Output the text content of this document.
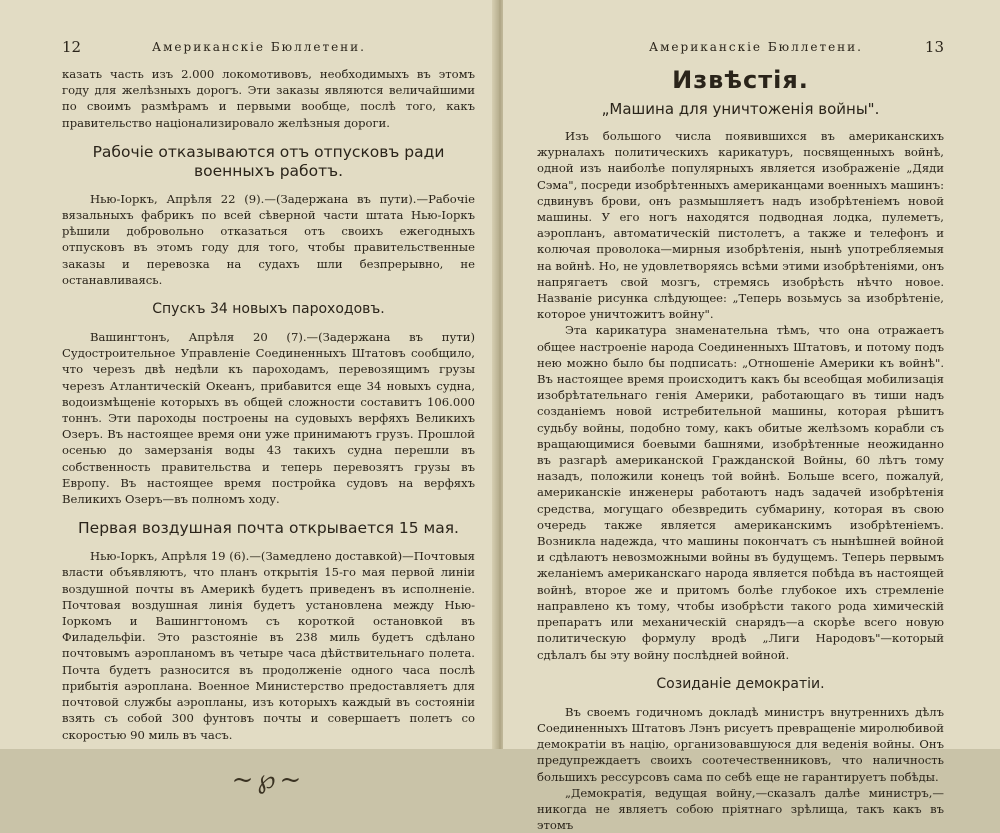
12	Американскiе Бюллетени.

казать часть изъ 2.000 локомотивовъ, необходимыхъ въ этомъ году для желѣзныхъ дорогъ. Эти заказы являются величайшими по своимъ размѣрамъ и первыми вообще, послѣ того, какъ правительство нацiонализировало желѣзныя дороги.

Рабочiе отказываются отъ отпусковъ ради военныхъ работъ.

Нью-Iоркъ, Апрѣля 22 (9).—(Задержана въ пути).—Рабочiе вязальныхъ фабрикъ по всей сѣверной части штата Нью-Iоркъ рѣшили добровольно отказаться отъ своихъ ежегодныхъ отпусковъ въ этомъ году для того, чтобы правительственные заказы и перевозка на судахъ шли безпрерывно, не останавливаясь.

Спускъ 34 новыхъ пароходовъ.

Вашингтонъ, Апрѣля 20 (7).—(Задержана въ пути) Судостроительное Управленiе Соединенныхъ Штатовъ сообщило, что черезъ двѣ недѣли къ пароходамъ, перевозящимъ грузы черезъ Атлантическiй Океанъ, прибавится еще 34 новыхъ судна, водоизмѣщенiе которыхъ въ общей сложности составитъ 106.000 тоннъ. Эти пароходы построены на судовыхъ верфяхъ Великихъ Озеръ. Въ настоящее время они уже принимаютъ грузъ. Прошлой осенью до замерзанiя воды 43 такихъ судна перешли въ собственность правительства и теперь перевозятъ грузы въ Европу. Въ настоящее время постройка судовъ на верфяхъ Великихъ Озеръ—въ полномъ ходу.

Первая воздушная почта открывается 15 мая.

Нью-Iоркъ, Апрѣля 19 (6).—(Замедлено доставкой)—Почтовыя власти объявляютъ, что планъ открытiя 15-го мая первой линiи воздушной почты въ Америкѣ будетъ приведенъ въ исполненiе. Почтовая воздушная линiя будетъ установлена между Нью-Iоркомъ и Вашингтономъ съ короткой остановкой въ Филадельфiи. Это разстоянiе въ 238 миль будетъ сдѣлано почтовымъ аэропланомъ въ четыре часа дѣйствительнаго полета. Почта будетъ разносится въ продолженiе одного часа послѣ прибытiя аэроплана. Военное Министерство предоставляетъ для почтовой службы аэропланы, изъ которыхъ каждый въ состоянiи взять съ собой 300 фунтовъ почты и совершаетъ полетъ со скоростью 90 миль въ часъ.

~℘~
Американскiе Бюллетени.	13
Извѣстiя.
„Машина для уничтоженiя войны".

Изъ большого числа появившихся въ американскихъ журналахъ политическихъ карикатуръ, посвященныхъ войнѣ, одной изъ наиболѣе популярныхъ является изображенiе „Дяди Сэма", посреди изобрѣтенныхъ американцами военныхъ машинъ: сдвинувъ брови, онъ размышляетъ надъ изобрѣтенiемъ новой машины. У его ногъ находятся подводная лодка, пулеметъ, аэропланъ, автоматическiй пистолетъ, а также и телефонъ и колючая проволока—мирныя изобрѣтенiя, нынѣ употребляемыя на войнѣ. Но, не удовлетворяясь всѣми этими изобрѣтенiями, онъ напрягаетъ свой мозгъ, стремясь изобрѣсть нѣчто новое. Названiе рисунка слѣдующее: „Теперь возьмусь за изобрѣтенiе, которое уничтожитъ войну".

Эта карикатура знаменательна тѣмъ, что она отражаетъ общее настроенiе народа Соединенныхъ Штатовъ, и потому подъ нею можно было бы подписать: „Отношенiе Америки къ войнѣ". Въ настоящее время происходитъ какъ бы всеобщая мобилизацiя изобрѣтательнаго генiя Америки, работающаго въ тиши надъ созданiемъ новой истребительной машины, которая рѣшитъ судьбу войны, подобно тому, какъ обитые желѣзомъ корабли съ вращающимися боевыми башнями, изобрѣтенные неожиданно въ разгарѣ американской Гражданской Войны, 60 лѣтъ тому назадъ, положили конецъ той войнѣ. Больше всего, пожалуй, американскiе инженеры работаютъ надъ задачей изобрѣтенiя средства, могущаго обезвредить субмарину, которая въ свою очередь также является американскимъ изобрѣтенiемъ. Возникла надежда, что машины покончатъ съ нынѣшней войной и сдѣлаютъ невозможными войны въ будущемъ. Теперь первымъ желанiемъ американскаго народа является побѣда въ настоящей войнѣ, второе же и притомъ болѣе глубокое ихъ стремленiе направлено къ тому, чтобы изобрѣсти такого рода химическiй препаратъ или механическiй снарядъ—а скорѣе всего новую политическую формулу вродѣ „Лиги Народовъ"—который сдѣлалъ бы эту войну послѣдней войной.

Созиданiе демократiи.

Въ своемъ годичномъ докладѣ министръ внутреннихъ дѣлъ Соединенныхъ Штатовъ Лэнъ рисуетъ превращенiе миролюбивой демократiи въ нацiю, организовавшуюся для веденiя войны. Онъ предупреждаетъ своихъ соотечественниковъ, что наличность большихъ рессурсовъ сама по себѣ еще не гарантируетъ побѣды.

„Демократiя, ведущая войну,—сказалъ далѣе министръ,—никогда не являетъ собою прiятнаго зрѣлища, такъ какъ въ этомъ
